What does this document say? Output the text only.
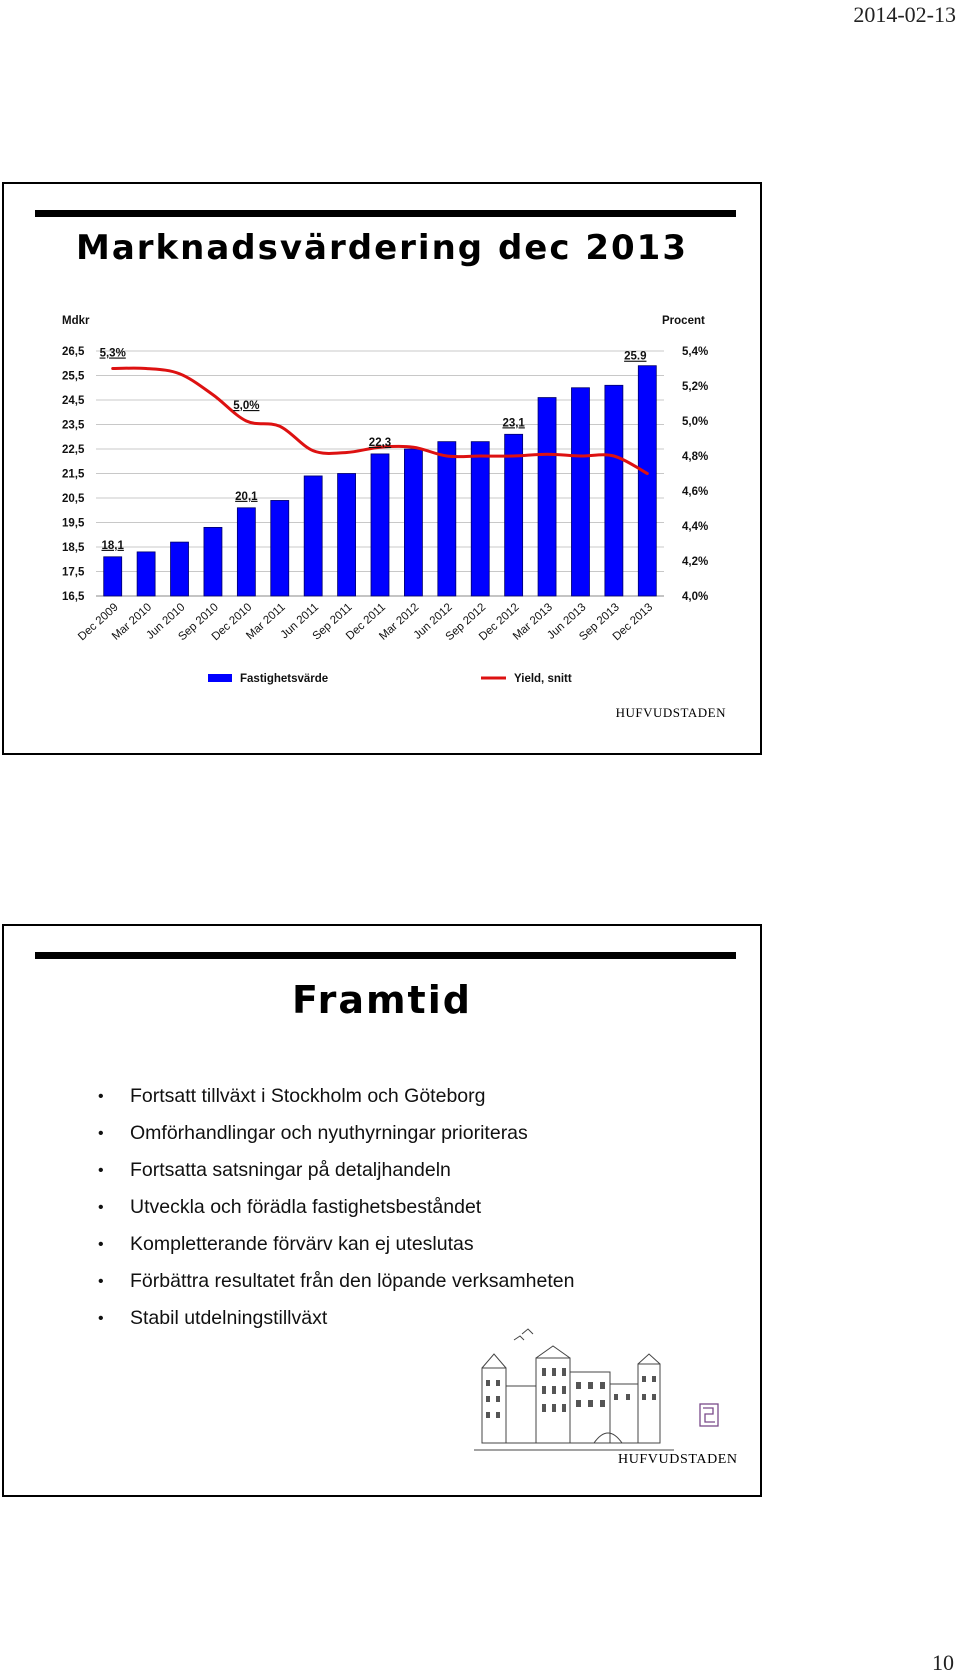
2014-02-13
Marknadsvärdering dec 2013
26,5
25,5
24,5
23,5
22,5
21,5
20,5
19,5
18,5
17,5
16,5
5,4%
5,2%
5,0%
4,8%
4,6%
4,4%
4,2%
4,0%
Mdkr	Procent
18,1
20,1
22,3
23,1
25.9
5,3%
5,0%
Dec 2009
Mar 2010
Jun 2010
Sep 2010
Dec 2010
Mar 2011
Jun 2011
Sep 2011
Dec 2011
Mar 2012
Jun 2012
Sep 2012
Dec 2012
Mar 2013
Jun 2013
Sep 2013
Dec 2013
Fastighetsvärde	Yield, snitt
HUFVUDSTADEN
Framtid
• Fortsatt tillväxt i Stockholm och Göteborg
• Omförhandlingar och nyuthyrningar prioriteras
• Fortsatta satsningar på detaljhandeln
• Utveckla och förädla fastighetsbeståndet
• Kompletterande förvärv kan ej uteslutas
• Förbättra resultatet från den löpande verksamheten
• Stabil utdelningstillväxt
HUFVUDSTADEN
10
